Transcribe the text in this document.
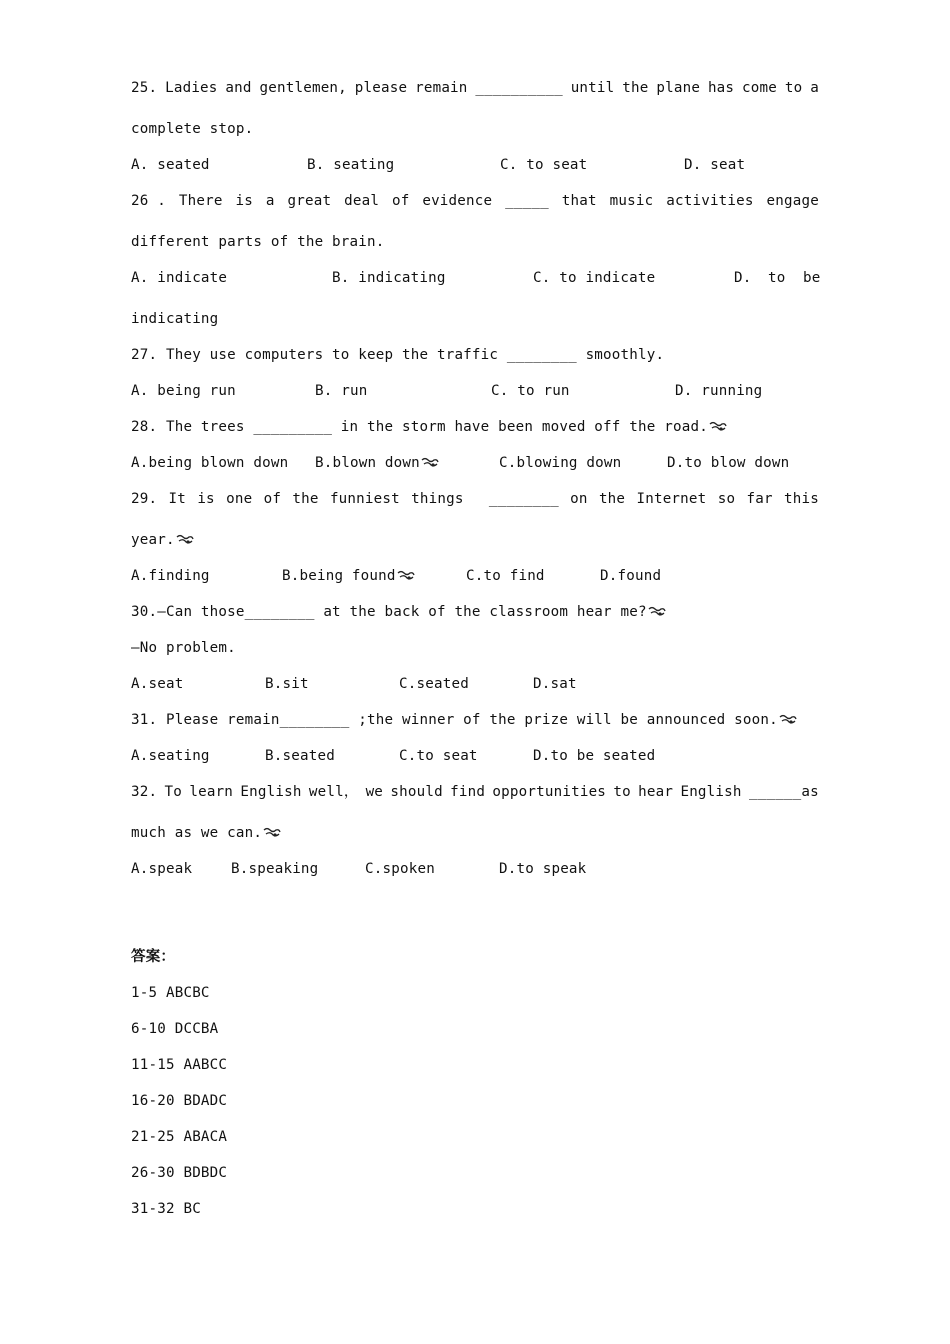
25. Ladies and gentlemen, please remain __________ until the plane has come to a
complete stop.

A. seated

	B. seating

	C. to seat

	D. seat

26 . There is a great deal of evidence _____ that music activities engage
different parts of the brain.

A. indicate

	B. indicating

	C. to indicate

	D.

to

be

indicating
27. They use computers to keep the traffic ________ smoothly.

A. being run

	B. run

	C. to run

	D. running

28. The trees _________ in the storm have been moved off the road.

A.being blown down

B.blown down

	C.blowing down

	D.to blow down

29. It is one of the funniest things ________ on the Internet so far this
year.

A.finding

	B.being found

	C.to find

	D.found

30.—Can those________ at the back of the classroom hear me?
—No problem.

A.seat

	B.sit

	C.seated

	D.sat

31. Please remain________ ;the winner of the prize will be announced soon.

A.seating

	B.seated

	C.to seat

	D.to be seated

32. To learn English well， we should find opportunities to hear English ______as
much as we can.

A.speak

	B.speaking

	C.spoken

	D.to speak

答案：
1-5 ABCBC
6-10 DCCBA
11-15 AABCC
16-20 BDADC
21-25 ABACA
26-30 BDBDC
31-32 BC
